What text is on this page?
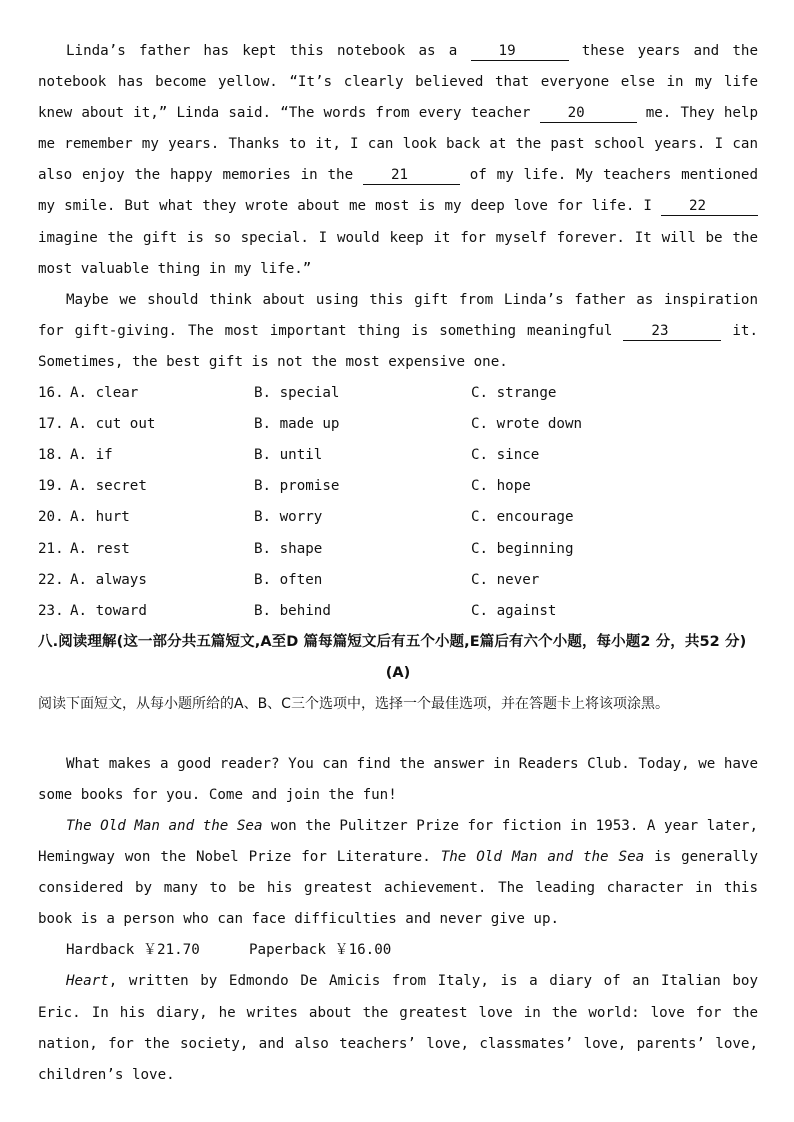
Linda’s father has kept this notebook as a 19	these years and the notebook has become yellow. “It’s clearly believed that everyone else in my life knew about it,” Linda said. “The words from every teacher 20	me. They help me remember my years. Thanks to it, I can look back at the past school years. I can also enjoy the happy memories in the 21	of my life. My teachers mentioned my smile. But what they wrote about me most is my deep love for life. I 22 imagine the gift is so special. I would keep it for myself forever. It will be the most valuable thing in my life.”

Maybe we should think about using this gift from Linda’s father as inspiration for gift-giving. The most important thing is something meaningful 23	it. Sometimes, the best gift is not the most expensive one.

16. A. clear	B. special	C. strange
17. A. cut out	B. made up	C. wrote down
18. A. if	B. until	C. since
19. A. secret	B. promise	C. hope
20. A. hurt	B. worry	C. encourage
21. A. rest	B. shape	C. beginning
22. A. always	B. often	C. never
23. A. toward	B. behind	C. against

八.阅读理解(这一部分共五篇短文,A至D 篇每篇短文后有五个小题,E篇后有六个小题，每小题2 分，共52 分)

(A)

阅读下面短文，从每小题所给的A、B、C三个选项中，选择一个最佳选项，并在答题卡上将该项涂黑。

What makes a good reader? You can find the answer in Readers Club. Today, we have some books for you. Come and join the fun!

The Old Man and the Sea won the Pulitzer Prize for fiction in 1953. A year later, Hemingway won the Nobel Prize for Literature. The Old Man and the Sea is generally considered by many to be his greatest achievement. The leading character in this book is a person who can face difficulties and never give up.

Hardback ￥21.70	Paperback ￥16.00

Heart, written by Edmondo De Amicis from Italy, is a diary of an Italian boy Eric. In his diary, he writes about the greatest love in the world: love for the nation, for the society, and also teachers’ love, classmates’ love, parents’ love, children’s love.
